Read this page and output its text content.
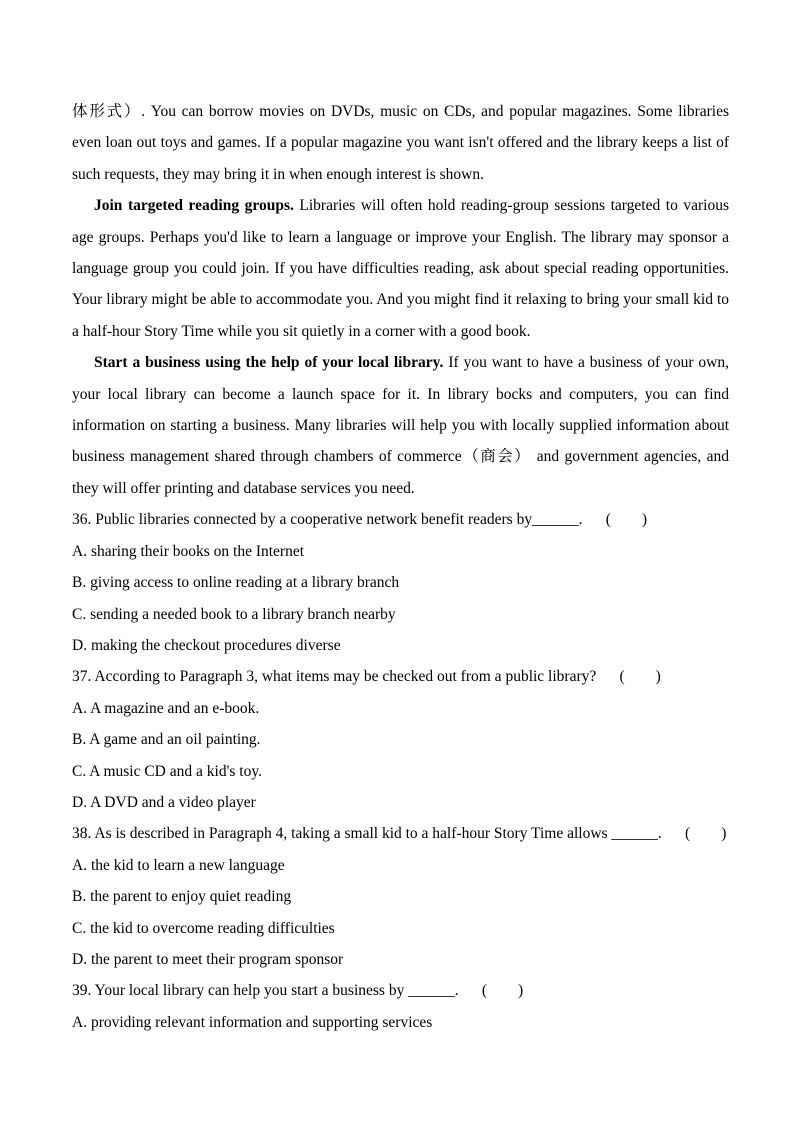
体形式）. You can borrow movies on DVDs, music on CDs, and popular magazines. Some libraries even loan out toys and games. If a popular magazine you want isn't offered and the library keeps a list of such requests, they may bring it in when enough interest is shown.

Join targeted reading groups. Libraries will often hold reading-group sessions targeted to various age groups. Perhaps you'd like to learn a language or improve your English. The library may sponsor a language group you could join. If you have difficulties reading, ask about special reading opportunities. Your library might be able to accommodate you. And you might find it relaxing to bring your small kid to a half-hour Story Time while you sit quietly in a corner with a good book.

Start a business using the help of your local library. If you want to have a business of your own, your local library can become a launch space for it. In library bocks and computers, you can find information on starting a business. Many libraries will help you with locally supplied information about business management shared through chambers of commerce（商会） and government agencies, and they will offer printing and database services you need.

36. Public libraries connected by a cooperative network benefit readers by______.      (        )

A. sharing their books on the Internet

B. giving access to online reading at a library branch

C. sending a needed book to a library branch nearby

D. making the checkout procedures diverse

37. According to Paragraph 3, what items may be checked out from a public library?      (        )

A. A magazine and an e-book.

B. A game and an oil painting.

C. A music CD and a kid's toy.

D. A DVD and a video player

38. As is described in Paragraph 4, taking a small kid to a half-hour Story Time allows ______.      (        )

A. the kid to learn a new language

B. the parent to enjoy quiet reading

C. the kid to overcome reading difficulties

D. the parent to meet their program sponsor

39. Your local library can help you start a business by ______.      (        )

A. providing relevant information and supporting services
